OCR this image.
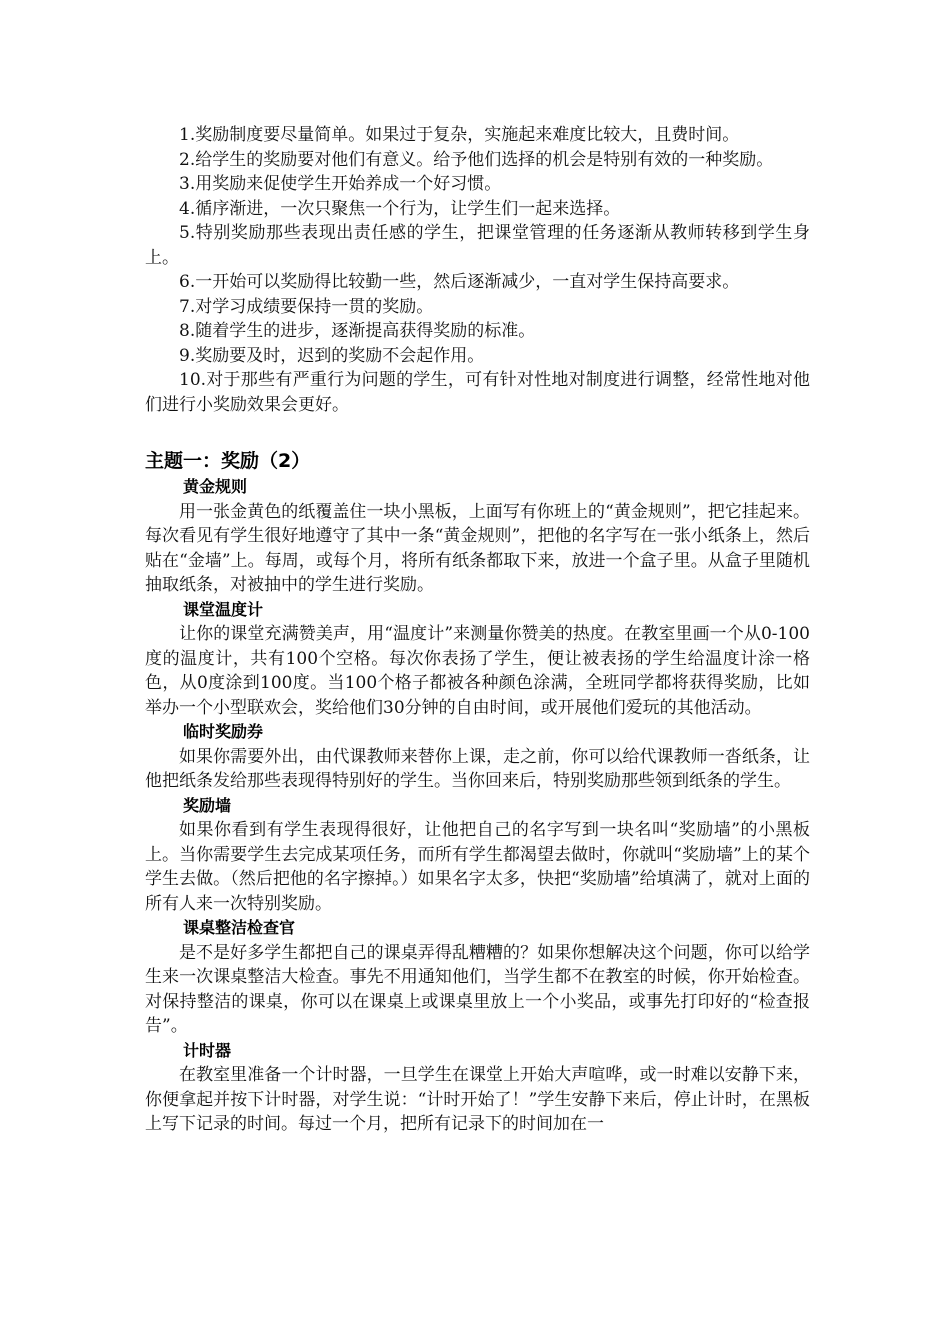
1.奖励制度要尽量简单。如果过于复杂，实施起来难度比较大，且费时间。

2.给学生的奖励要对他们有意义。给予他们选择的机会是特别有效的一种奖励。

3.用奖励来促使学生开始养成一个好习惯。

4.循序渐进，一次只聚焦一个行为，让学生们一起来选择。

5.特别奖励那些表现出责任感的学生，把课堂管理的任务逐渐从教师转移到学生身上。

6.一开始可以奖励得比较勤一些，然后逐渐减少，一直对学生保持高要求。

7.对学习成绩要保持一贯的奖励。

8.随着学生的进步，逐渐提高获得奖励的标准。

9.奖励要及时，迟到的奖励不会起作用。

10.对于那些有严重行为问题的学生，可有针对性地对制度进行调整，经常性地对他们进行小奖励效果会更好。

主题一：奖励（2）
黄金规则

用一张金黄色的纸覆盖住一块小黑板，上面写有你班上的“黄金规则”，把它挂起来。每次看见有学生很好地遵守了其中一条“黄金规则”，把他的名字写在一张小纸条上，然后贴在“金墙”上。每周，或每个月，将所有纸条都取下来，放进一个盒子里。从盒子里随机抽取纸条，对被抽中的学生进行奖励。

课堂温度计

让你的课堂充满赞美声，用“温度计”来测量你赞美的热度。在教室里画一个从0-100度的温度计，共有100个空格。每次你表扬了学生，便让被表扬的学生给温度计涂一格色，从0度涂到100度。当100个格子都被各种颜色涂满，全班同学都将获得奖励，比如举办一个小型联欢会，奖给他们30分钟的自由时间，或开展他们爱玩的其他活动。

临时奖励券

如果你需要外出，由代课教师来替你上课，走之前，你可以给代课教师一沓纸条，让他把纸条发给那些表现得特别好的学生。当你回来后，特别奖励那些领到纸条的学生。

奖励墙

如果你看到有学生表现得很好，让他把自己的名字写到一块名叫“奖励墙”的小黑板上。当你需要学生去完成某项任务，而所有学生都渴望去做时，你就叫“奖励墙”上的某个学生去做。（然后把他的名字擦掉。）如果名字太多，快把“奖励墙”给填满了，就对上面的所有人来一次特别奖励。

课桌整洁检查官

是不是好多学生都把自己的课桌弄得乱糟糟的？如果你想解决这个问题，你可以给学生来一次课桌整洁大检查。事先不用通知他们，当学生都不在教室的时候，你开始检查。对保持整洁的课桌，你可以在课桌上或课桌里放上一个小奖品，或事先打印好的“检查报告”。

计时器

在教室里准备一个计时器，一旦学生在课堂上开始大声喧哗，或一时难以安静下来，你便拿起并按下计时器，对学生说：“计时开始了！”学生安静下来后，停止计时，在黑板上写下记录的时间。每过一个月，把所有记录下的时间加在一
